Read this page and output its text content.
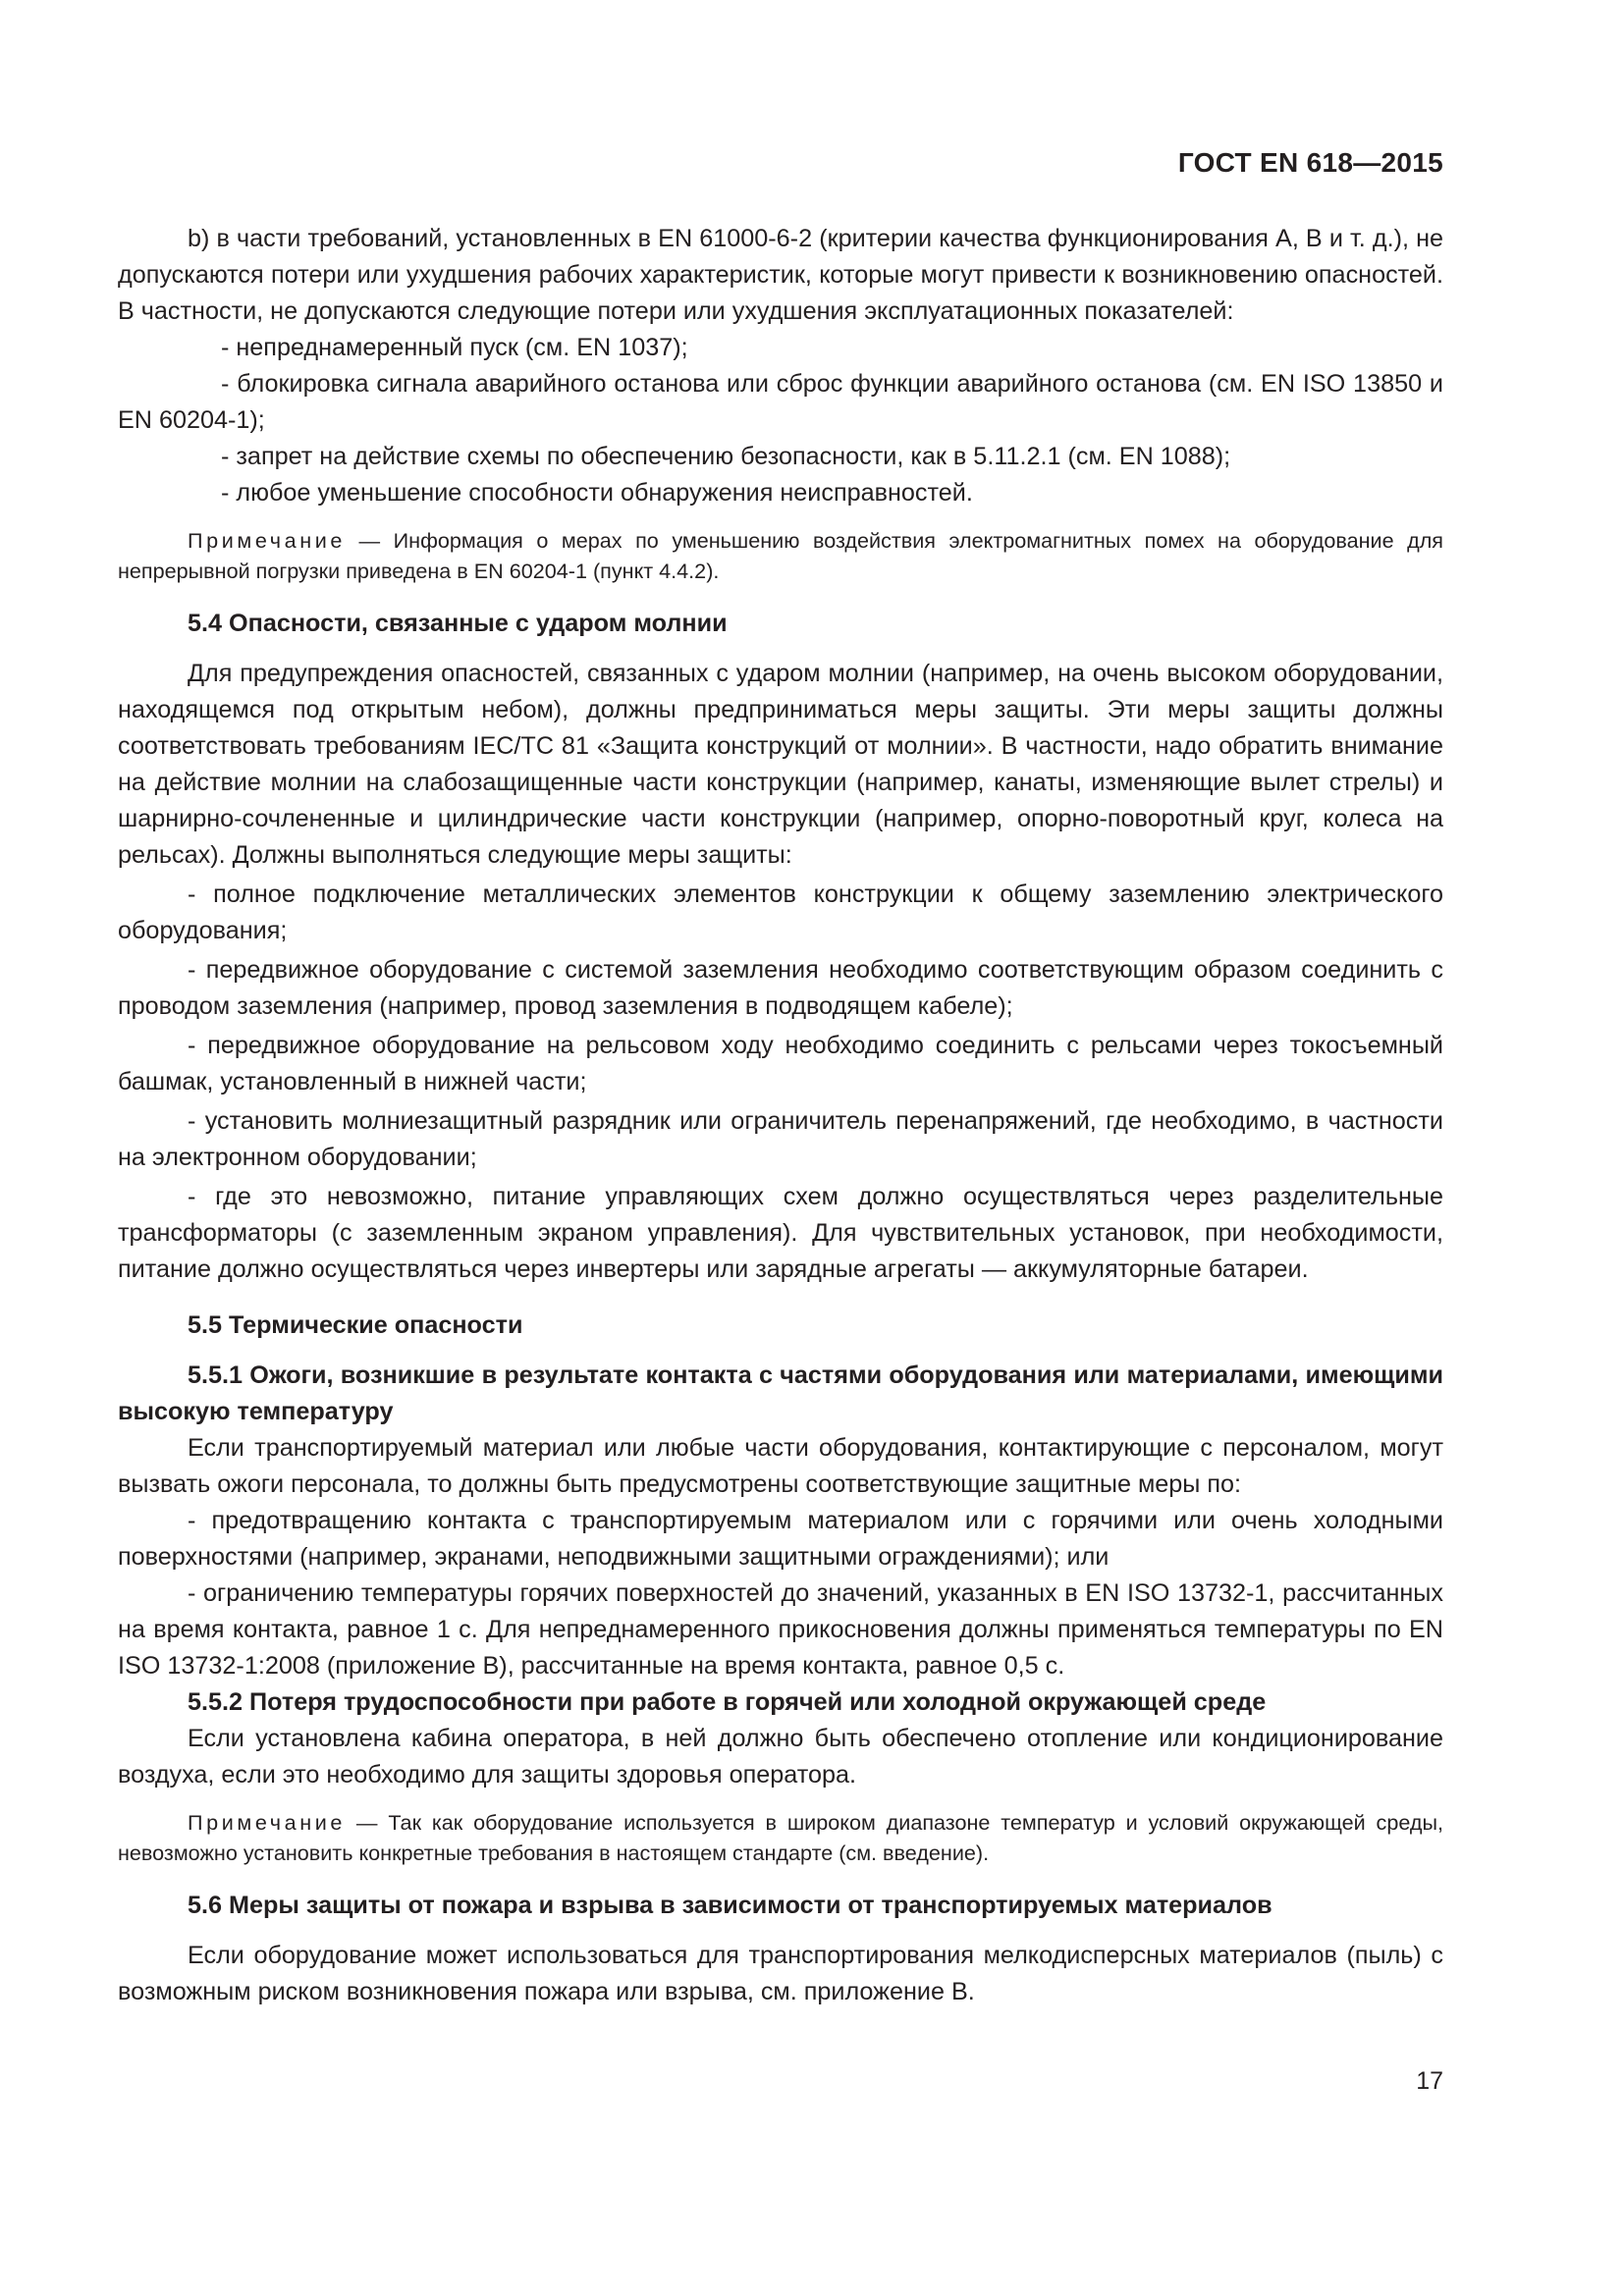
ГОСТ EN 618—2015

b) в части требований, установленных в EN 61000-6-2 (критерии качества функционирования А, В и т. д.), не допускаются потери или ухудшения рабочих характеристик, которые могут привести к возникновению опасностей. В частности, не допускаются следующие потери или ухудшения эксплуатационных показателей:

- непреднамеренный пуск (см. EN 1037);

- блокировка сигнала аварийного останова или сброс функции аварийного останова (см. EN ISO 13850 и EN 60204-1);

- запрет на действие схемы по обеспечению безопасности, как в 5.11.2.1 (см. EN 1088);

- любое уменьшение способности обнаружения неисправностей.

Примечание — Информация о мерах по уменьшению воздействия электромагнитных помех на оборудование для непрерывной погрузки приведена в EN 60204-1 (пункт 4.4.2).

5.4 Опасности, связанные с ударом молнии

Для предупреждения опасностей, связанных с ударом молнии (например, на очень высоком оборудовании, находящемся под открытым небом), должны предприниматься меры защиты. Эти меры защиты должны соответствовать требованиям IEC/TC 81 «Защита конструкций от молнии». В частности, надо обратить внимание на действие молнии на слабозащищенные части конструкции (например, канаты, изменяющие вылет стрелы) и шарнирно-сочлененные и цилиндрические части конструкции (например, опорно-поворотный круг, колеса на рельсах). Должны выполняться следующие меры защиты:

- полное подключение металлических элементов конструкции к общему заземлению электрического оборудования;

- передвижное оборудование с системой заземления необходимо соответствующим образом соединить с проводом заземления (например, провод заземления в подводящем кабеле);

- передвижное оборудование на рельсовом ходу необходимо соединить с рельсами через токосъемный башмак, установленный в нижней части;

- установить молниезащитный разрядник или ограничитель перенапряжений, где необходимо, в частности на электронном оборудовании;

- где это невозможно, питание управляющих схем должно осуществляться через разделительные трансформаторы (с заземленным экраном управления). Для чувствительных установок, при необходимости, питание должно осуществляться через инвертеры или зарядные агрегаты — аккумуляторные батареи.

5.5 Термические опасности
5.5.1 Ожоги, возникшие в результате контакта с частями оборудования или материалами, имеющими высокую температуру

Если транспортируемый материал или любые части оборудования, контактирующие с персоналом, могут вызвать ожоги персонала, то должны быть предусмотрены соответствующие защитные меры по:

- предотвращению контакта с транспортируемым материалом или с горячими или очень холодными поверхностями (например, экранами, неподвижными защитными ограждениями); или

- ограничению температуры горячих поверхностей до значений, указанных в EN ISO 13732-1, рассчитанных на время контакта, равное 1 с. Для непреднамеренного прикосновения должны применяться температуры по EN ISO 13732-1:2008 (приложение В), рассчитанные на время контакта, равное 0,5 с.

5.5.2 Потеря трудоспособности при работе в горячей или холодной окружающей среде

Если установлена кабина оператора, в ней должно быть обеспечено отопление или кондиционирование воздуха, если это необходимо для защиты здоровья оператора.

Примечание — Так как оборудование используется в широком диапазоне температур и условий окружающей среды, невозможно установить конкретные требования в настоящем стандарте (см. введение).

5.6 Меры защиты от пожара и взрыва в зависимости от транспортируемых материалов

Если оборудование может использоваться для транспортирования мелкодисперсных материалов (пыль) с возможным риском возникновения пожара или взрыва, см. приложение В.

17
